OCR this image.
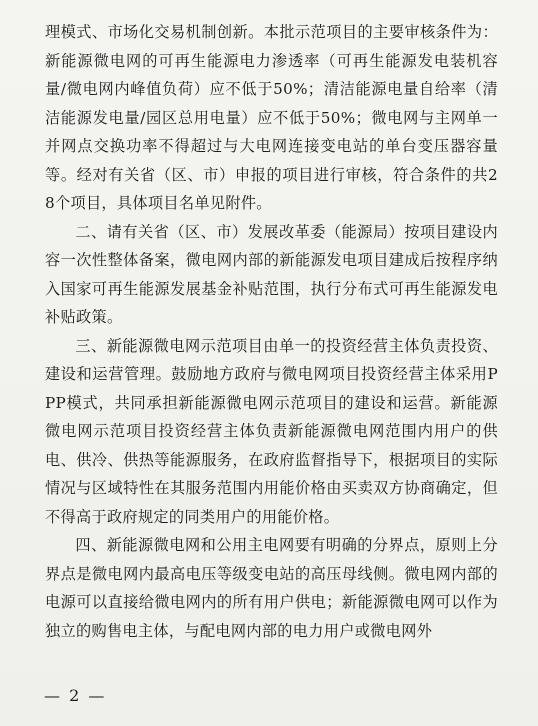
理模式、市场化交易机制创新。本批示范项目的主要审核条件为：新能源微电网的可再生能源电力渗透率（可再生能源发电装机容量/微电网内峰值负荷）应不低于50%；清洁能源电量自给率（清洁能源发电量/园区总用电量）应不低于50%；微电网与主网单一并网点交换功率不得超过与大电网连接变电站的单台变压器容量等。经对有关省（区、市）申报的项目进行审核，符合条件的共28个项目，具体项目名单见附件。

二、请有关省（区、市）发展改革委（能源局）按项目建设内容一次性整体备案，微电网内部的新能源发电项目建成后按程序纳入国家可再生能源发展基金补贴范围，执行分布式可再生能源发电补贴政策。

三、新能源微电网示范项目由单一的投资经营主体负责投资、建设和运营管理。鼓励地方政府与微电网项目投资经营主体采用PPP模式，共同承担新能源微电网示范项目的建设和运营。新能源微电网示范项目投资经营主体负责新能源微电网范围内用户的供电、供冷、供热等能源服务，在政府监督指导下，根据项目的实际情况与区域特性在其服务范围内用能价格由买卖双方协商确定，但不得高于政府规定的同类用户的用能价格。

四、新能源微电网和公用主电网要有明确的分界点，原则上分界点是微电网内最高电压等级变电站的高压母线侧。微电网内部的电源可以直接给微电网内的所有用户供电；新能源微电网可以作为独立的购售电主体，与配电网内部的电力用户或微电网外

— 2 —
